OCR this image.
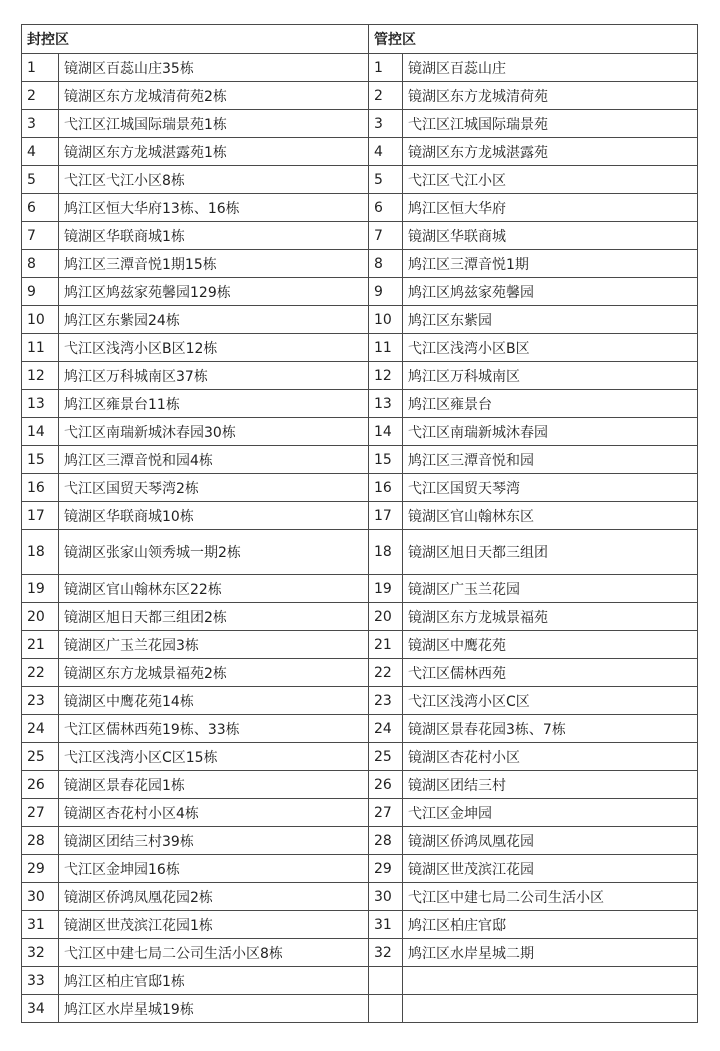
封控区		管控区	
1	镜湖区百蕊山庄35栋	1	镜湖区百蕊山庄
2	镜湖区东方龙城清荷苑2栋	2	镜湖区东方龙城清荷苑
3	弋江区江城国际瑞景苑1栋	3	弋江区江城国际瑞景苑
4	镜湖区东方龙城湛露苑1栋	4	镜湖区东方龙城湛露苑
5	弋江区弋江小区8栋	5	弋江区弋江小区
6	鸠江区恒大华府13栋、16栋	6	鸠江区恒大华府
7	镜湖区华联商城1栋	7	镜湖区华联商城
8	鸠江区三潭音悦1期15栋	8	鸠江区三潭音悦1期
9	鸠江区鸠兹家苑馨园129栋	9	鸠江区鸠兹家苑馨园
10	鸠江区东紫园24栋	10	鸠江区东紫园
11	弋江区浅湾小区B区12栋	11	弋江区浅湾小区B区
12	鸠江区万科城南区37栋	12	鸠江区万科城南区
13	鸠江区雍景台11栋	13	鸠江区雍景台
14	弋江区南瑞新城沐春园30栋	14	弋江区南瑞新城沐春园
15	鸠江区三潭音悦和园4栋	15	鸠江区三潭音悦和园
16	弋江区国贸天琴湾2栋	16	弋江区国贸天琴湾
17	镜湖区华联商城10栋	17	镜湖区官山翰林东区
18	镜湖区张家山领秀城一期2栋	18	镜湖区旭日天都三组团
19	镜湖区官山翰林东区22栋	19	镜湖区广玉兰花园
20	镜湖区旭日天都三组团2栋	20	镜湖区东方龙城景福苑
21	镜湖区广玉兰花园3栋	21	镜湖区中鹰花苑
22	镜湖区东方龙城景福苑2栋	22	弋江区儒林西苑
23	镜湖区中鹰花苑14栋	23	弋江区浅湾小区C区
24	弋江区儒林西苑19栋、33栋	24	镜湖区景春花园3栋、7栋
25	弋江区浅湾小区C区15栋	25	镜湖区杏花村小区
26	镜湖区景春花园1栋	26	镜湖区团结三村
27	镜湖区杏花村小区4栋	27	弋江区金坤园
28	镜湖区团结三村39栋	28	镜湖区侨鸿凤凰花园
29	弋江区金坤园16栋	29	镜湖区世茂滨江花园
30	镜湖区侨鸿凤凰花园2栋	30	弋江区中建七局二公司生活小区
31	镜湖区世茂滨江花园1栋	31	鸠江区柏庄官邸
32	弋江区中建七局二公司生活小区8栋	32	鸠江区水岸星城二期
33	鸠江区柏庄官邸1栋		
34	鸠江区水岸星城19栋		
